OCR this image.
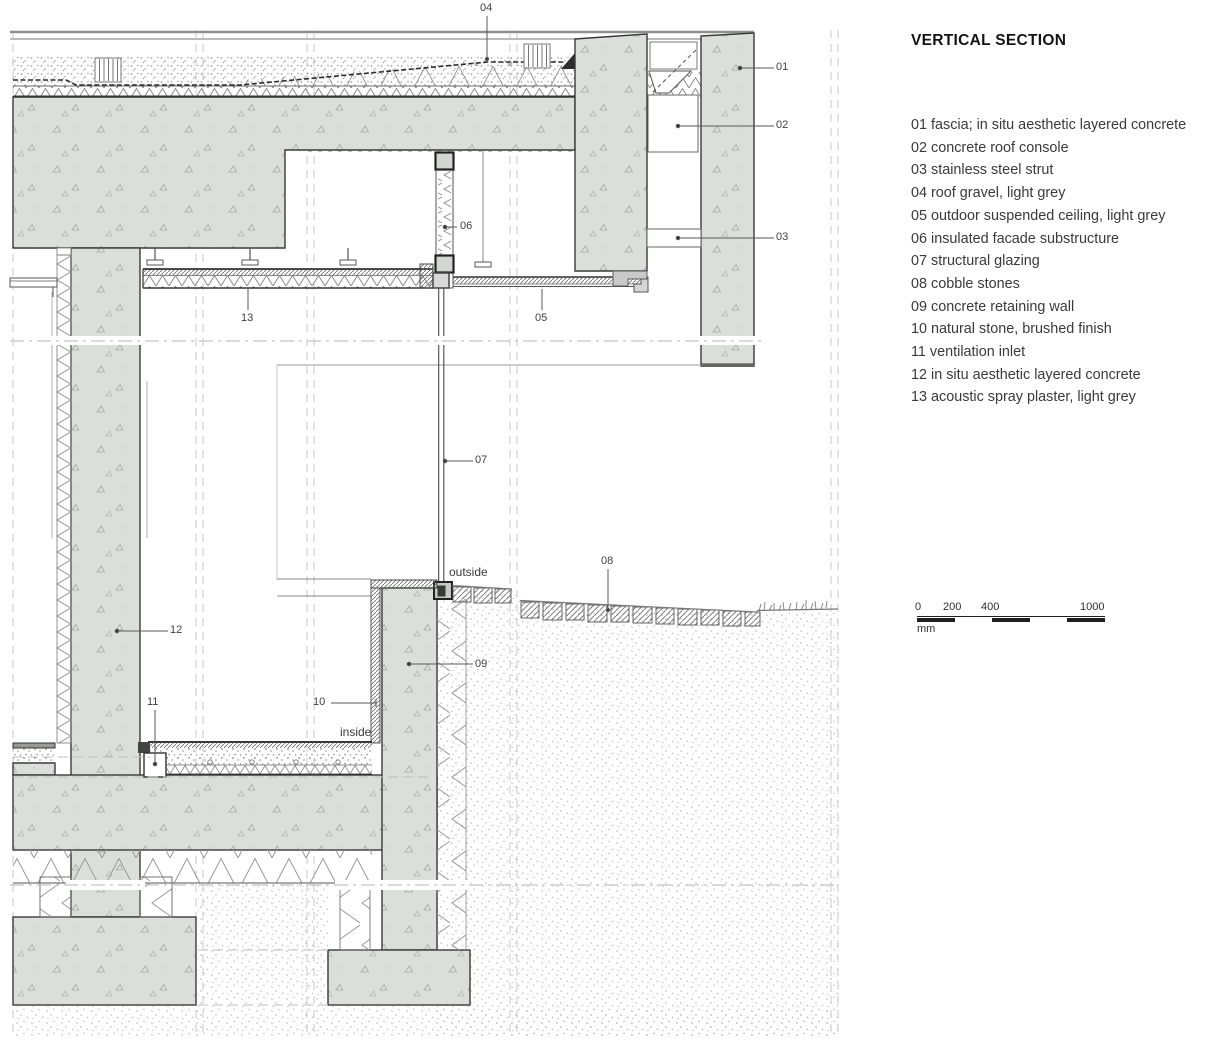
04
01
02
03
06
13	05
07
08
09
12
11	10
outside
inside
VERTICAL SECTION
01 fascia; in situ aesthetic layered concrete
02 concrete roof console
03 stainless steel strut
04 roof gravel, light grey
05 outdoor suspended ceiling, light grey
06 insulated facade substructure
07 structural glazing
08 cobble stones
09 concrete retaining wall
10 natural stone, brushed finish
11 ventilation inlet
12 in situ aesthetic layered concrete
13 acoustic spray plaster, light grey
0 200 400	1000
mm
